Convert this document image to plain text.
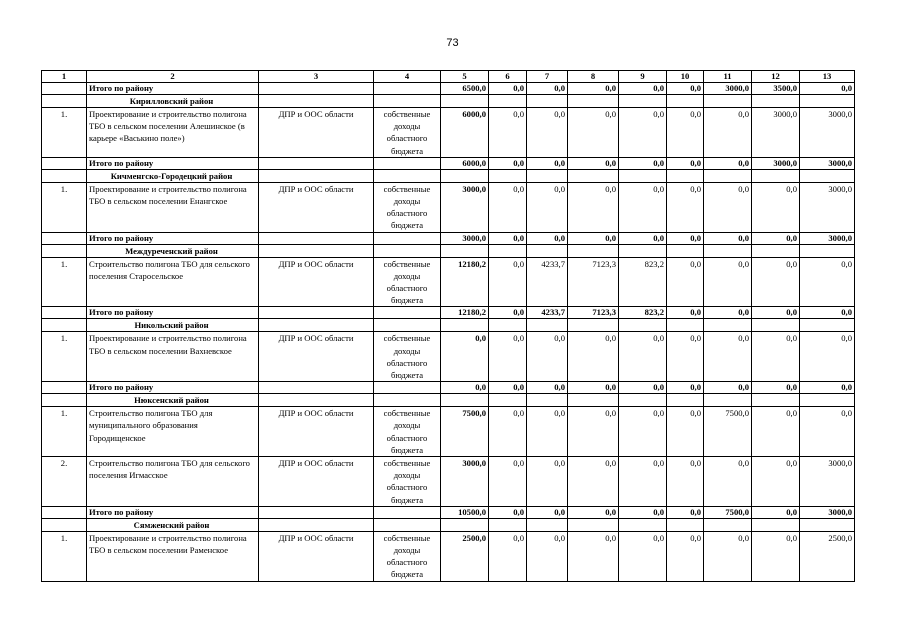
73
1	2	3	4	5	6	7	8	9	10	11	12	13
	Итого по району			6500,0	0,0	0,0	0,0	0,0	0,0	3000,0	3500,0	0,0
	Кирилловский район											
1.	Проектирование и строительство полигона ТБО в сельском поселении Алешинское (в карьере «Васькино поле»)	ДПР и ООС области	собственные доходы областного бюджета	6000,0	0,0	0,0	0,0	0,0	0,0	0,0	3000,0	3000,0
	Итого по району			6000,0	0,0	0,0	0,0	0,0	0,0	0,0	3000,0	3000,0
	Кичменгско-Городецкий район											
1.	Проектирование и строительство полигона ТБО в сельском поселении Енангское	ДПР и ООС области	собственные доходы областного бюджета	3000,0	0,0	0,0	0,0	0,0	0,0	0,0	0,0	3000,0
	Итого по району			3000,0	0,0	0,0	0,0	0,0	0,0	0,0	0,0	3000,0
	Междуреченский район											
1.	Строительство полигона ТБО для сельского поселения Старосельское	ДПР и ООС области	собственные доходы областного бюджета	12180,2	0,0	4233,7	7123,3	823,2	0,0	0,0	0,0	0,0
	Итого по району			12180,2	0,0	4233,7	7123,3	823,2	0,0	0,0	0,0	0,0
	Никольский район											
1.	Проектирование и строительство полигона ТБО в сельском поселении Вахневское	ДПР и ООС области	собственные доходы областного бюджета	0,0	0,0	0,0	0,0	0,0	0,0	0,0	0,0	0,0
	Итого по району			0,0	0,0	0,0	0,0	0,0	0,0	0,0	0,0	0,0
	Нюксенский район											
1.	Строительство полигона ТБО для муниципального образования Городищенское	ДПР и ООС области	собственные доходы областного бюджета	7500,0	0,0	0,0	0,0	0,0	0,0	7500,0	0,0	0,0
2.	Строительство полигона ТБО для сельского поселения Игмасское	ДПР и ООС области	собственные доходы областного бюджета	3000,0	0,0	0,0	0,0	0,0	0,0	0,0	0,0	3000,0
	Итого по району			10500,0	0,0	0,0	0,0	0,0	0,0	7500,0	0,0	3000,0
	Сямженский район											
1.	Проектирование и строительство полигона ТБО в сельском поселении Раменское	ДПР и ООС области	собственные доходы областного бюджета	2500,0	0,0	0,0	0,0	0,0	0,0	0,0	0,0	2500,0
